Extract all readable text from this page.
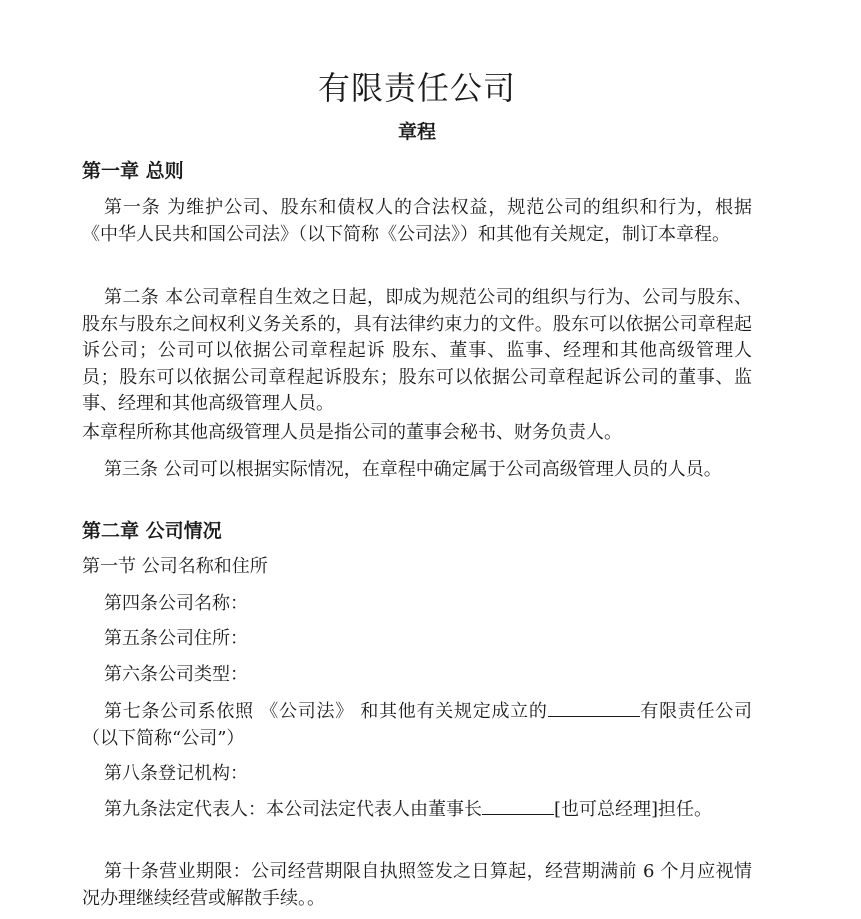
有限责任公司
章程
第一章 总则
第一条 为维护公司、股东和债权人的合法权益，规范公司的组织和行为，根据《中华人民共和国公司法》（以下简称《公司法》）和其他有关规定，制订本章程。
第二条 本公司章程自生效之日起，即成为规范公司的组织与行为、公司与股东、股东与股东之间权利义务关系的，具有法律约束力的文件。股东可以依据公司章程起诉公司；公司可以依据公司章程起诉 股东、董事、监事、经理和其他高级管理人员；股东可以依据公司章程起诉股东；股东可以依据公司章程起诉公司的董事、监事、经理和其他高级管理人员。
本章程所称其他高级管理人员是指公司的董事会秘书、财务负责人。
第三条 公司可以根据实际情况，在章程中确定属于公司高级管理人员的人员。
第二章 公司情况
第一节 公司名称和住所
第四条公司名称：
第五条公司住所：
第六条公司类型：
第七条公司系依照 《公司法》 和其他有关规定成立的	有限责任公司 （以下简称“公司”）
第八条登记机构：
第九条法定代表人：本公司法定代表人由董事长	[也可总经理]担任。
第十条营业期限：公司经营期限自执照签发之日算起，经营期满前 6 个月应视情况办理继续经营或解散手续。。
